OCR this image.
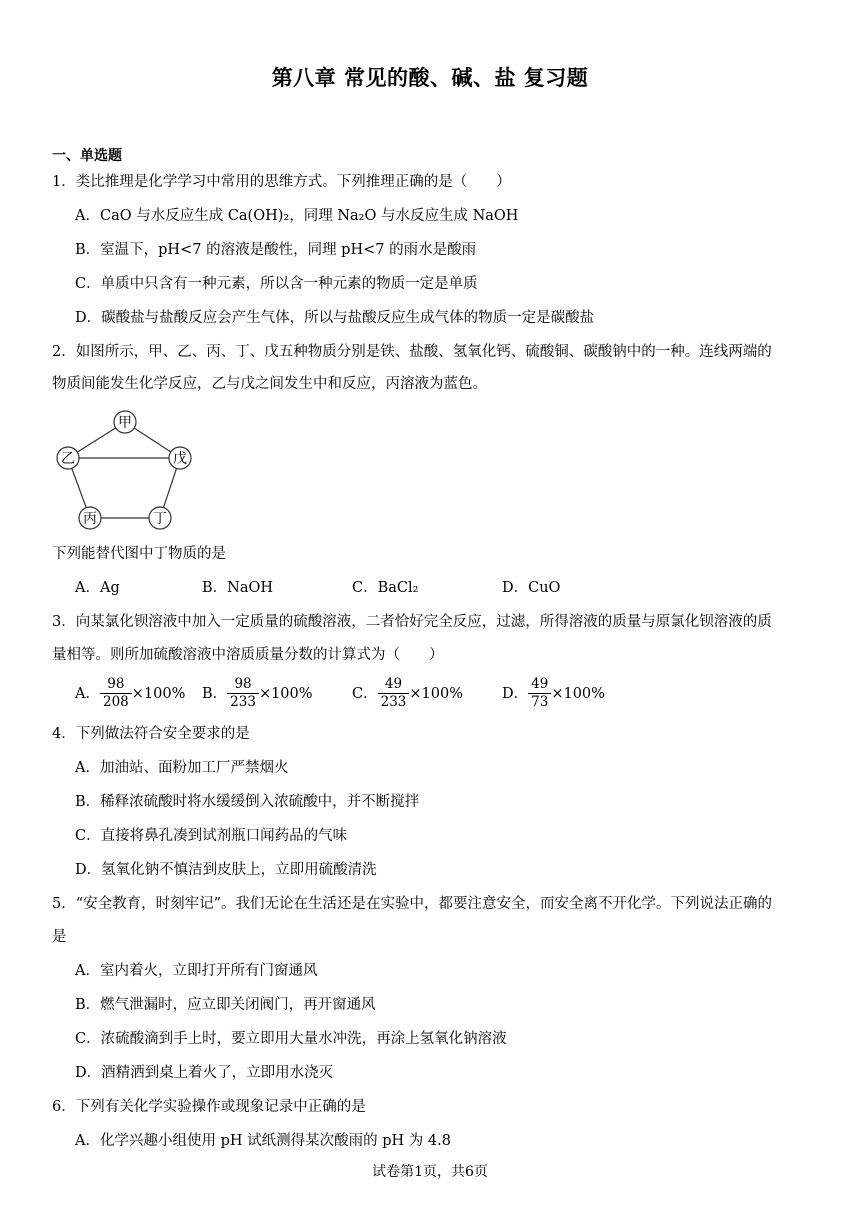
第八章 常见的酸、碱、盐 复习题
一、单选题
1．类比推理是化学学习中常用的思维方式。下列推理正确的是（　　）
A．CaO 与水反应生成 Ca(OH)₂，同理 Na₂O 与水反应生成 NaOH
B．室温下，pH<7 的溶液是酸性，同理 pH<7 的雨水是酸雨
C．单质中只含有一种元素，所以含一种元素的物质一定是单质
D．碳酸盐与盐酸反应会产生气体，所以与盐酸反应生成气体的物质一定是碳酸盐
2．如图所示，甲、乙、丙、丁、戊五种物质分别是铁、盐酸、氢氧化钙、硫酸铜、碳酸钠中的一种。连线两端的
物质间能发生化学反应，乙与戊之间发生中和反应，丙溶液为蓝色。
甲
乙	戊
丙	丁
下列能替代图中丁物质的是
A．Ag	B．NaOH	C．BaCl₂	D．CuO
3．向某氯化钡溶液中加入一定质量的硫酸溶液，二者恰好完全反应，过滤，所得溶液的质量与原氯化钡溶液的质
量相等。则所加硫酸溶液中溶质质量分数的计算式为（　　）
A． $\frac{98}{208} \times 100\%$ B． $\frac{98}{233} \times 100\%$	C． $\frac{49}{233} \times 100\%$	D． $\frac{49}{73} \times 100\%$
4．下列做法符合安全要求的是
A．加油站、面粉加工厂严禁烟火
B．稀释浓硫酸时将水缓缓倒入浓硫酸中，并不断搅拌
C．直接将鼻孔凑到试剂瓶口闻药品的气味
D．氢氧化钠不慎洁到皮肤上，立即用硫酸清洗
5．“安全教育，时刻牢记”。我们无论在生活还是在实验中，都要注意安全，而安全离不开化学。下列说法正确的
是
A．室内着火，立即打开所有门窗通风
B．燃气泄漏时，应立即关闭阀门，再开窗通风
C．浓硫酸滴到手上时，要立即用大量水冲洗，再涂上氢氧化钠溶液
D．酒精洒到桌上着火了，立即用水浇灭
6．下列有关化学实验操作或现象记录中正确的是
A．化学兴趣小组使用 pH 试纸测得某次酸雨的 pH 为 4.8
试卷第1页，共6页
